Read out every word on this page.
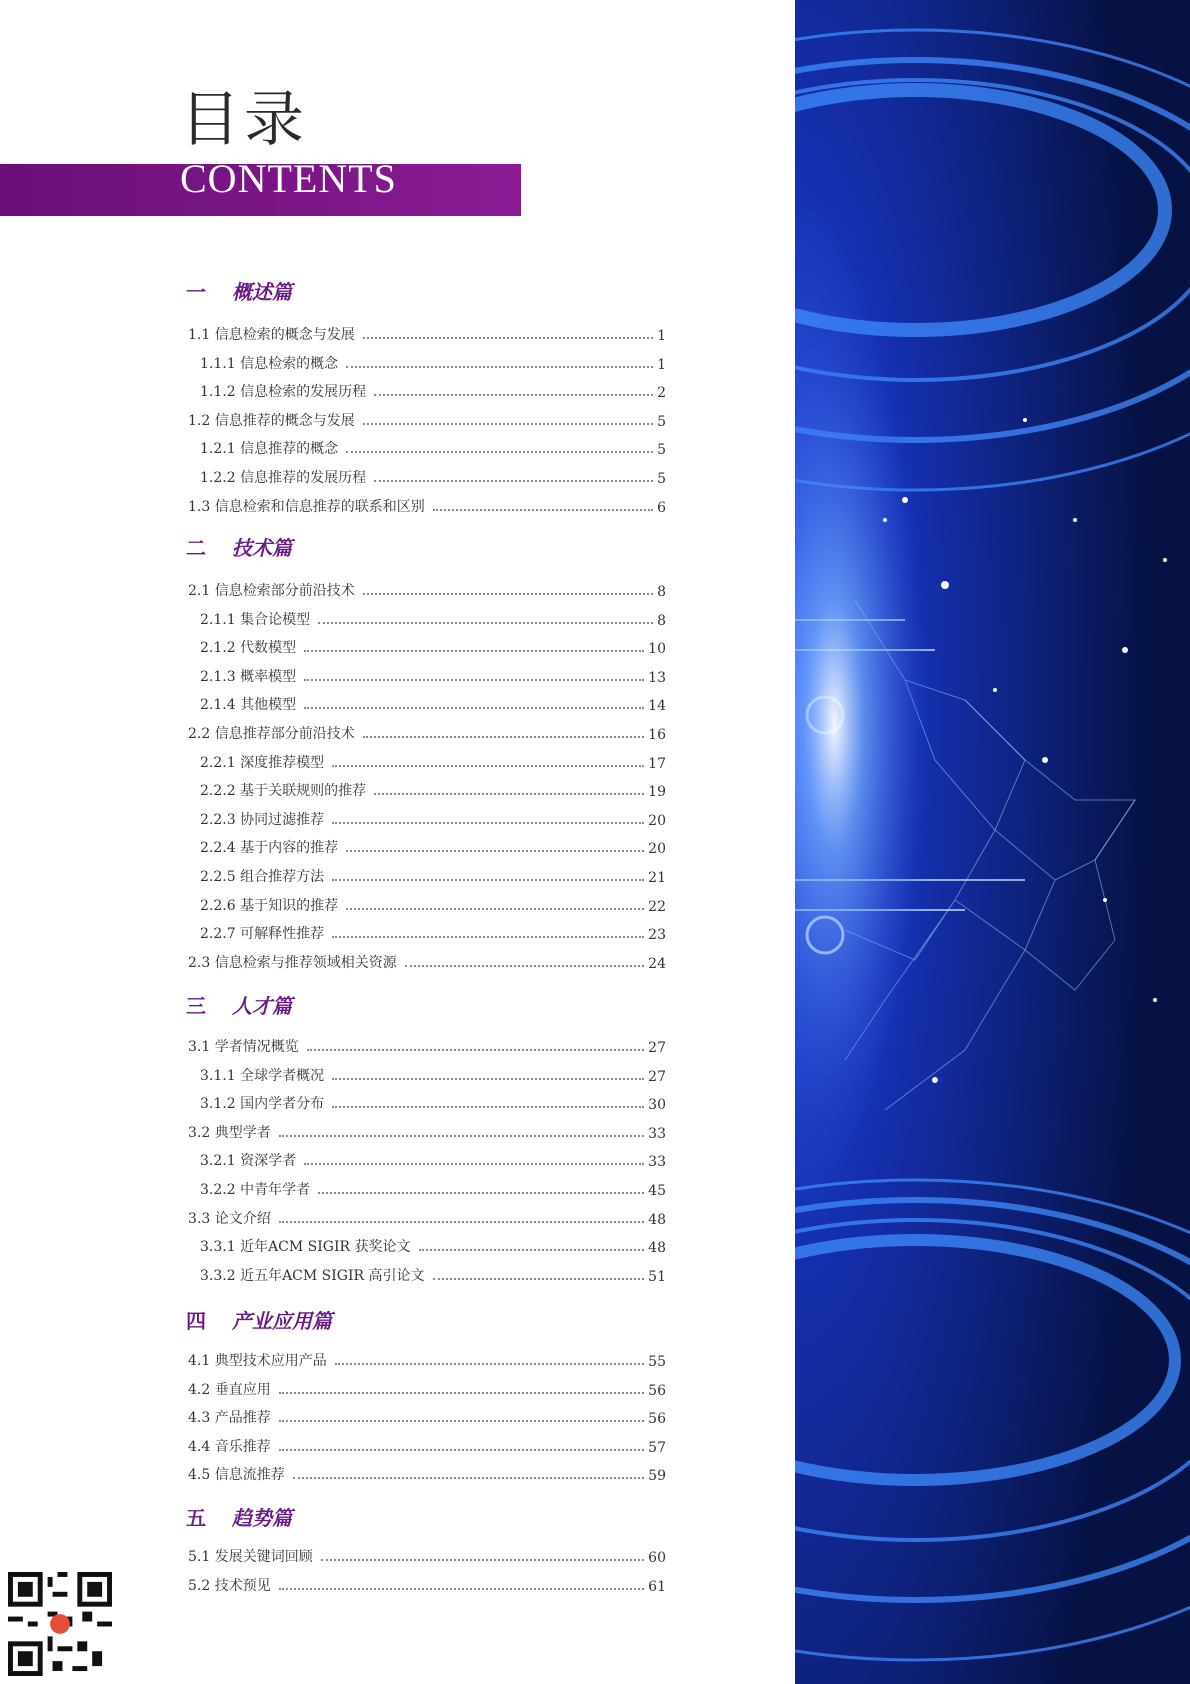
目录
CONTENTS
一 概述篇
1.1 信息检索的概念与发展	1
1.1.1 信息检索的概念	1
1.1.2 信息检索的发展历程	2
1.2 信息推荐的概念与发展	5
1.2.1 信息推荐的概念	5
1.2.2 信息推荐的发展历程	5
1.3 信息检索和信息推荐的联系和区别	6
二 技术篇
2.1 信息检索部分前沿技术	8
2.1.1 集合论模型	8
2.1.2 代数模型	10
2.1.3 概率模型	13
2.1.4 其他模型	14
2.2 信息推荐部分前沿技术	16
2.2.1 深度推荐模型	17
2.2.2 基于关联规则的推荐	19
2.2.3 协同过滤推荐	20
2.2.4 基于内容的推荐	20
2.2.5 组合推荐方法	21
2.2.6 基于知识的推荐	22
2.2.7 可解释性推荐	23
2.3 信息检索与推荐领域相关资源	24
三 人才篇
3.1 学者情况概览	27
3.1.1 全球学者概况	27
3.1.2 国内学者分布	30
3.2 典型学者	33
3.2.1 资深学者	33
3.2.2 中青年学者	45
3.3 论文介绍	48
3.3.1 近年ACM SIGIR 获奖论文	48
3.3.2 近五年ACM SIGIR 高引论文	51
四 产业应用篇
4.1 典型技术应用产品	55
4.2 垂直应用	56
4.3 产品推荐	56
4.4 音乐推荐	57
4.5 信息流推荐	59
五 趋势篇
5.1 发展关键词回顾	60
5.2 技术预见	61
